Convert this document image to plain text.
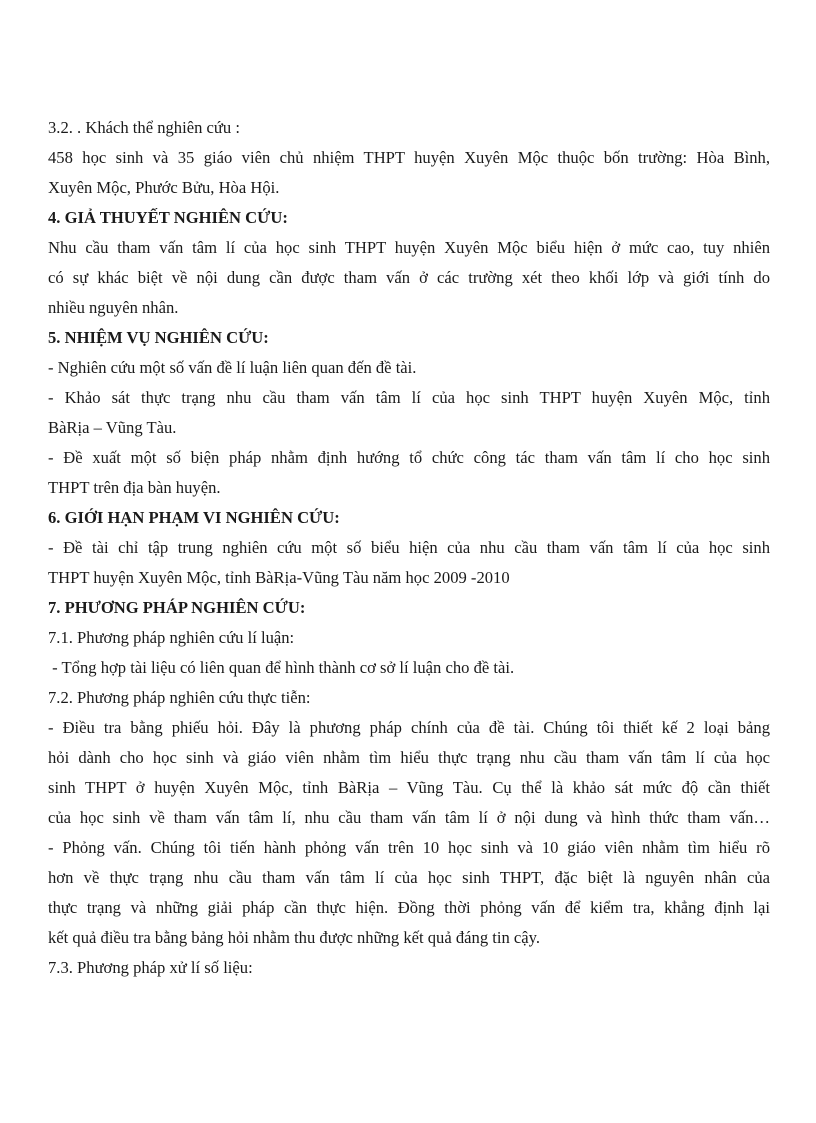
3.2. . Khách thể nghiên cứu :
458 học sinh và 35 giáo viên chủ nhiệm THPT huyện Xuyên Mộc thuộc bốn trường: Hòa Bình,
Xuyên Mộc, Phước Bửu, Hòa Hội.
4. GIẢ THUYẾT NGHIÊN CỨU:
Nhu cầu tham vấn tâm lí của học sinh THPT huyện Xuyên Mộc biểu hiện ở mức cao, tuy nhiên
có sự khác biệt về nội dung cần được tham vấn ở các trường xét theo khối lớp và giới tính do
nhiều nguyên nhân.
5. NHIỆM VỤ NGHIÊN CỨU:
- Nghiên cứu một số vấn đề lí luận liên quan đến đề tài.
- Khảo sát thực trạng nhu cầu tham vấn tâm lí của học sinh THPT huyện Xuyên Mộc, tỉnh
BàRịa – Vũng Tàu.
- Đề xuất một số biện pháp nhằm định hướng tổ chức công tác tham vấn tâm lí cho học sinh
THPT trên địa bàn huyện.
6. GIỚI HẠN PHẠM VI NGHIÊN CỨU:
- Đề tài chỉ tập trung nghiên cứu một số biểu hiện của nhu cầu tham vấn tâm lí của học sinh
THPT huyện Xuyên Mộc, tỉnh BàRịa-Vũng Tàu năm học 2009 -2010
7. PHƯƠNG PHÁP NGHIÊN CỨU:
7.1. Phương pháp nghiên cứu lí luận:
- Tổng hợp tài liệu có liên quan để hình thành cơ sở lí luận cho đề tài.
7.2. Phương pháp nghiên cứu thực tiễn:
- Điều tra bằng phiếu hỏi. Đây là phương pháp chính của đề tài. Chúng tôi thiết kế 2 loại bảng
hỏi dành cho học sinh và giáo viên nhằm tìm hiểu thực trạng nhu cầu tham vấn tâm lí của học
sinh THPT ở huyện Xuyên Mộc, tỉnh BàRịa – Vũng Tàu. Cụ thể là khảo sát mức độ cần thiết
của học sinh về tham vấn tâm lí, nhu cầu tham vấn tâm lí ở nội dung và hình thức tham vấn…
- Phỏng vấn. Chúng tôi tiến hành phỏng vấn trên 10 học sinh và 10 giáo viên nhằm tìm hiểu rõ
hơn về thực trạng nhu cầu tham vấn tâm lí của học sinh THPT, đặc biệt là nguyên nhân của
thực trạng và những giải pháp cần thực hiện. Đồng thời phỏng vấn để kiểm tra, khẳng định lại
kết quả điều tra bằng bảng hỏi nhằm thu được những kết quả đáng tin cậy.
7.3. Phương pháp xử lí số liệu:
